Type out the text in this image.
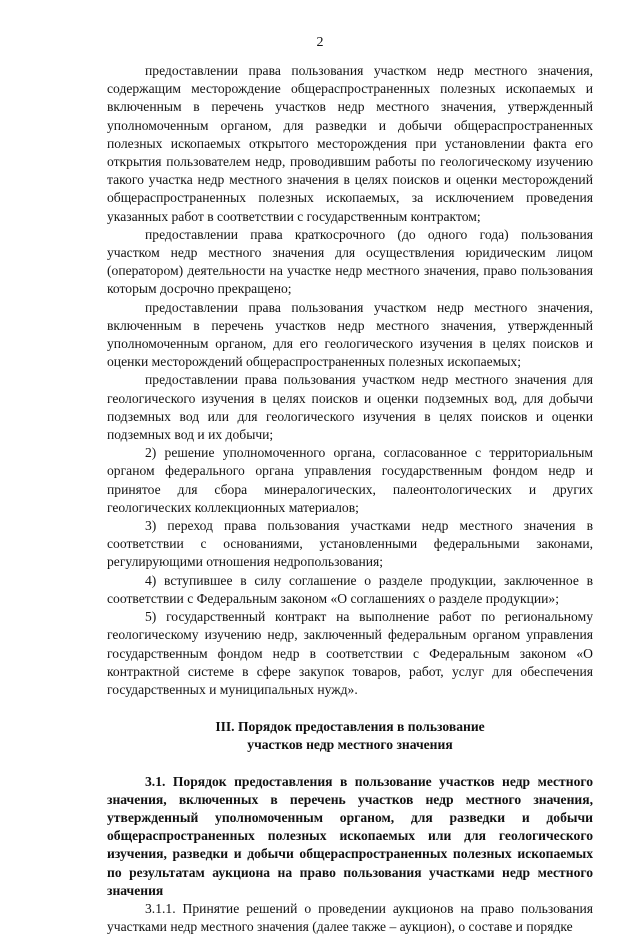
2

предоставлении права пользования участком недр местного значения, содержащим месторождение общераспространенных полезных ископаемых и включенным в перечень участков недр местного значения, утвержденный уполномоченным органом, для разведки и добычи общераспространенных полезных ископаемых открытого месторождения при установлении факта его открытия пользователем недр, проводившим работы по геологическому изучению такого участка недр местного значения в целях поисков и оценки месторождений общераспространенных полезных ископаемых, за исключением проведения указанных работ в соответствии с государственным контрактом;

предоставлении права краткосрочного (до одного года) пользования участком недр местного значения для осуществления юридическим лицом (оператором) деятельности на участке недр местного значения, право пользования которым досрочно прекращено;

предоставлении права пользования участком недр местного значения, включенным в перечень участков недр местного значения, утвержденный уполномоченным органом, для его геологического изучения в целях поисков и оценки месторождений общераспространенных полезных ископаемых;

предоставлении права пользования участком недр местного значения для геологического изучения в целях поисков и оценки подземных вод, для добычи подземных вод или для геологического изучения в целях поисков и оценки подземных вод и их добычи;

2) решение уполномоченного органа, согласованное с территориальным органом федерального органа управления государственным фондом недр и принятое для сбора минералогических, палеонтологических и других геологических коллекционных материалов;

3) переход права пользования участками недр местного значения в соответствии с основаниями, установленными федеральными законами, регулирующими отношения недропользования;

4) вступившее в силу соглашение о разделе продукции, заключенное в соответствии с Федеральным законом «О соглашениях о разделе продукции»;

5) государственный контракт на выполнение работ по региональному геологическому изучению недр, заключенный федеральным органом управления государственным фондом недр в соответствии с Федеральным законом «О контрактной системе в сфере закупок товаров, работ, услуг для обеспечения государственных и муниципальных нужд».

III. Порядок предоставления в пользование
участков недр местного значения

3.1. Порядок предоставления в пользование участков недр местного значения, включенных в перечень участков недр местного значения, утвержденный уполномоченным органом, для разведки и добычи общераспространенных полезных ископаемых или для геологического изучения, разведки и добычи общераспространенных полезных ископаемых по результатам аукциона на право пользования участками недр местного значения

3.1.1. Принятие решений о проведении аукционов на право пользования участками недр местного значения (далее также – аукцион), о составе и порядке
